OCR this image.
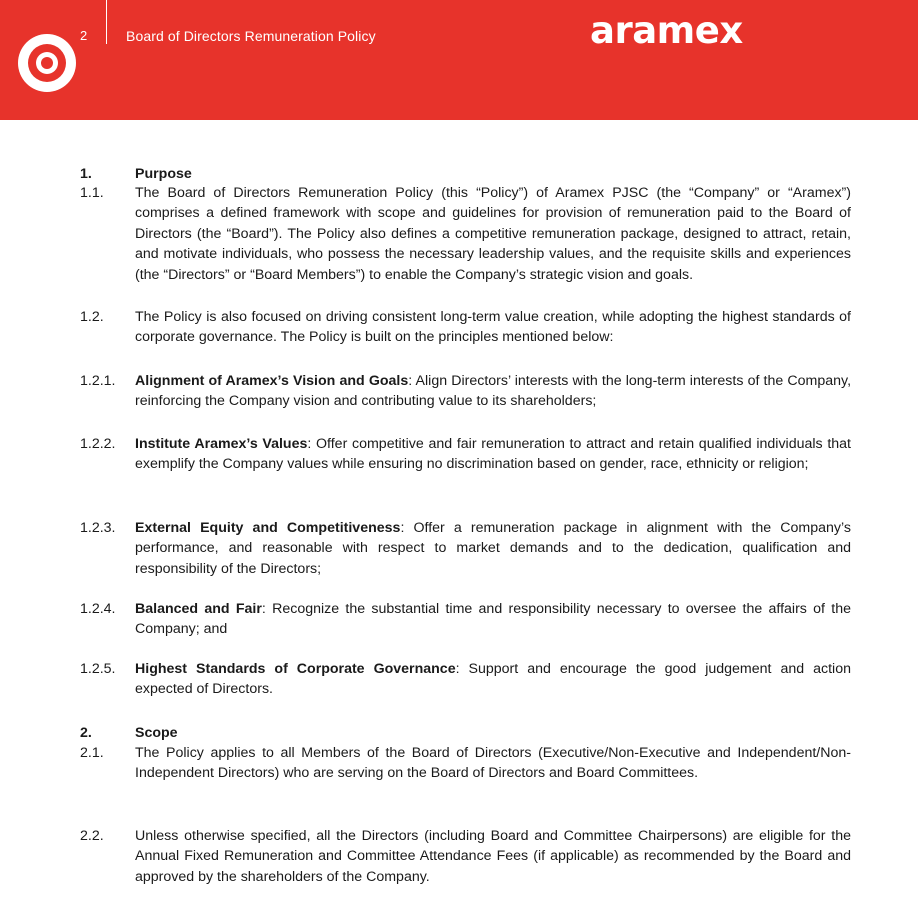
2	Board of Directors Remuneration Policy	aramex
1.	Purpose
1.1. The Board of Directors Remuneration Policy (this “Policy”) of Aramex PJSC (the “Company” or “Aramex”) comprises a defined framework with scope and guidelines for provision of remuneration paid to the Board of Directors (the “Board”). The Policy also defines a competitive remuneration package, designed to attract, retain, and motivate individuals, who possess the necessary leadership values, and the requisite skills and experiences (the “Directors” or “Board Members”) to enable the Company’s strategic vision and goals.
1.2. The Policy is also focused on driving consistent long-term value creation, while adopting the highest standards of corporate governance. The Policy is built on the principles mentioned below:
1.2.1. Alignment of Aramex’s Vision and Goals: Align Directors’ interests with the long-term interests of the Company, reinforcing the Company vision and contributing value to its shareholders;
1.2.2. Institute Aramex’s Values: Offer competitive and fair remuneration to attract and retain qualified individuals that exemplify the Company values while ensuring no discrimination based on gender, race, ethnicity or religion;
1.2.3. External Equity and Competitiveness: Offer a remuneration package in alignment with the Company’s performance, and reasonable with respect to market demands and to the dedication, qualification and responsibility of the Directors;
1.2.4. Balanced and Fair: Recognize the substantial time and responsibility necessary to oversee the affairs of the Company; and
1.2.5. Highest Standards of Corporate Governance: Support and encourage the good judgement and action expected of Directors.
2.	Scope
2.1. The Policy applies to all Members of the Board of Directors (Executive/Non-Executive and Independent/Non-Independent Directors) who are serving on the Board of Directors and Board Committees.
2.2. Unless otherwise specified, all the Directors (including Board and Committee Chairpersons) are eligible for the Annual Fixed Remuneration and Committee Attendance Fees (if applicable) as recommended by the Board and approved by the shareholders of the Company.
